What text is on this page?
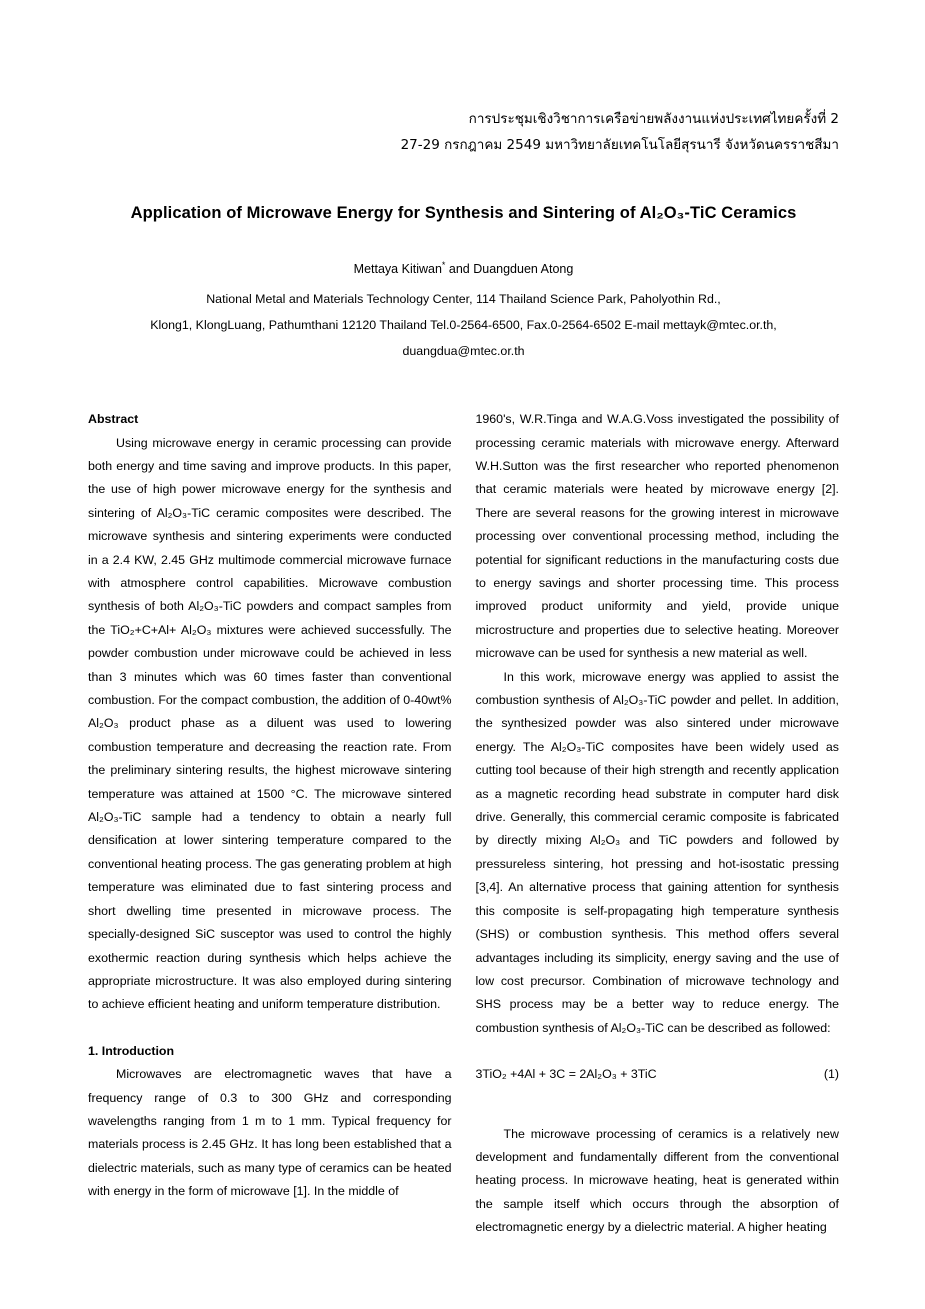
การประชุมเชิงวิชาการเครือข่ายพลังงานแห่งประเทศไทยครั้งที่ 2
27-29 กรกฎาคม 2549 มหาวิทยาลัยเทคโนโลยีสุรนารี จังหวัดนครราชสีมา
Application of Microwave Energy for Synthesis and Sintering of Al₂O₃-TiC Ceramics
Mettaya Kitiwan* and Duangduen Atong
National Metal and Materials Technology Center, 114 Thailand Science Park, Paholyothin Rd.,
Klong1, KlongLuang, Pathumthani 12120 Thailand Tel.0-2564-6500, Fax.0-2564-6502 E-mail mettayk@mtec.or.th, duangdua@mtec.or.th
Abstract

Using microwave energy in ceramic processing can provide both energy and time saving and improve products. In this paper, the use of high power microwave energy for the synthesis and sintering of Al₂O₃-TiC ceramic composites were described. The microwave synthesis and sintering experiments were conducted in a 2.4 KW, 2.45 GHz multimode commercial microwave furnace with atmosphere control capabilities. Microwave combustion synthesis of both Al₂O₃-TiC powders and compact samples from the TiO₂+C+Al+ Al₂O₃ mixtures were achieved successfully. The powder combustion under microwave could be achieved in less than 3 minutes which was 60 times faster than conventional combustion. For the compact combustion, the addition of 0-40wt% Al₂O₃ product phase as a diluent was used to lowering combustion temperature and decreasing the reaction rate. From the preliminary sintering results, the highest microwave sintering temperature was attained at 1500 °C. The microwave sintered Al₂O₃-TiC sample had a tendency to obtain a nearly full densification at lower sintering temperature compared to the conventional heating process. The gas generating problem at high temperature was eliminated due to fast sintering process and short dwelling time presented in microwave process. The specially-designed SiC susceptor was used to control the highly exothermic reaction during synthesis which helps achieve the appropriate microstructure. It was also employed during sintering to achieve efficient heating and uniform temperature distribution.

1. Introduction

Microwaves are electromagnetic waves that have a frequency range of 0.3 to 300 GHz and corresponding wavelengths ranging from 1 m to 1 mm. Typical frequency for materials process is 2.45 GHz. It has long been established that a dielectric materials, such as many type of ceramics can be heated with energy in the form of microwave [1]. In the middle of

1960's, W.R.Tinga and W.A.G.Voss investigated the possibility of processing ceramic materials with microwave energy. Afterward W.H.Sutton was the first researcher who reported phenomenon that ceramic materials were heated by microwave energy [2]. There are several reasons for the growing interest in microwave processing over conventional processing method, including the potential for significant reductions in the manufacturing costs due to energy savings and shorter processing time. This process improved product uniformity and yield, provide unique microstructure and properties due to selective heating. Moreover microwave can be used for synthesis a new material as well.

In this work, microwave energy was applied to assist the combustion synthesis of Al₂O₃-TiC powder and pellet. In addition, the synthesized powder was also sintered under microwave energy. The Al₂O₃-TiC composites have been widely used as cutting tool because of their high strength and recently application as a magnetic recording head substrate in computer hard disk drive. Generally, this commercial ceramic composite is fabricated by directly mixing Al₂O₃ and TiC powders and followed by pressureless sintering, hot pressing and hot-isostatic pressing [3,4]. An alternative process that gaining attention for synthesis this composite is self-propagating high temperature synthesis (SHS) or combustion synthesis. This method offers several advantages including its simplicity, energy saving and the use of low cost precursor. Combination of microwave technology and SHS process may be a better way to reduce energy. The combustion synthesis of Al₂O₃-TiC can be described as followed:

3TiO₂ +4Al + 3C = 2Al₂O₃ + 3TiC	(1)

The microwave processing of ceramics is a relatively new development and fundamentally different from the conventional heating process. In microwave heating, heat is generated within the sample itself which occurs through the absorption of electromagnetic energy by a dielectric material. A higher heating
